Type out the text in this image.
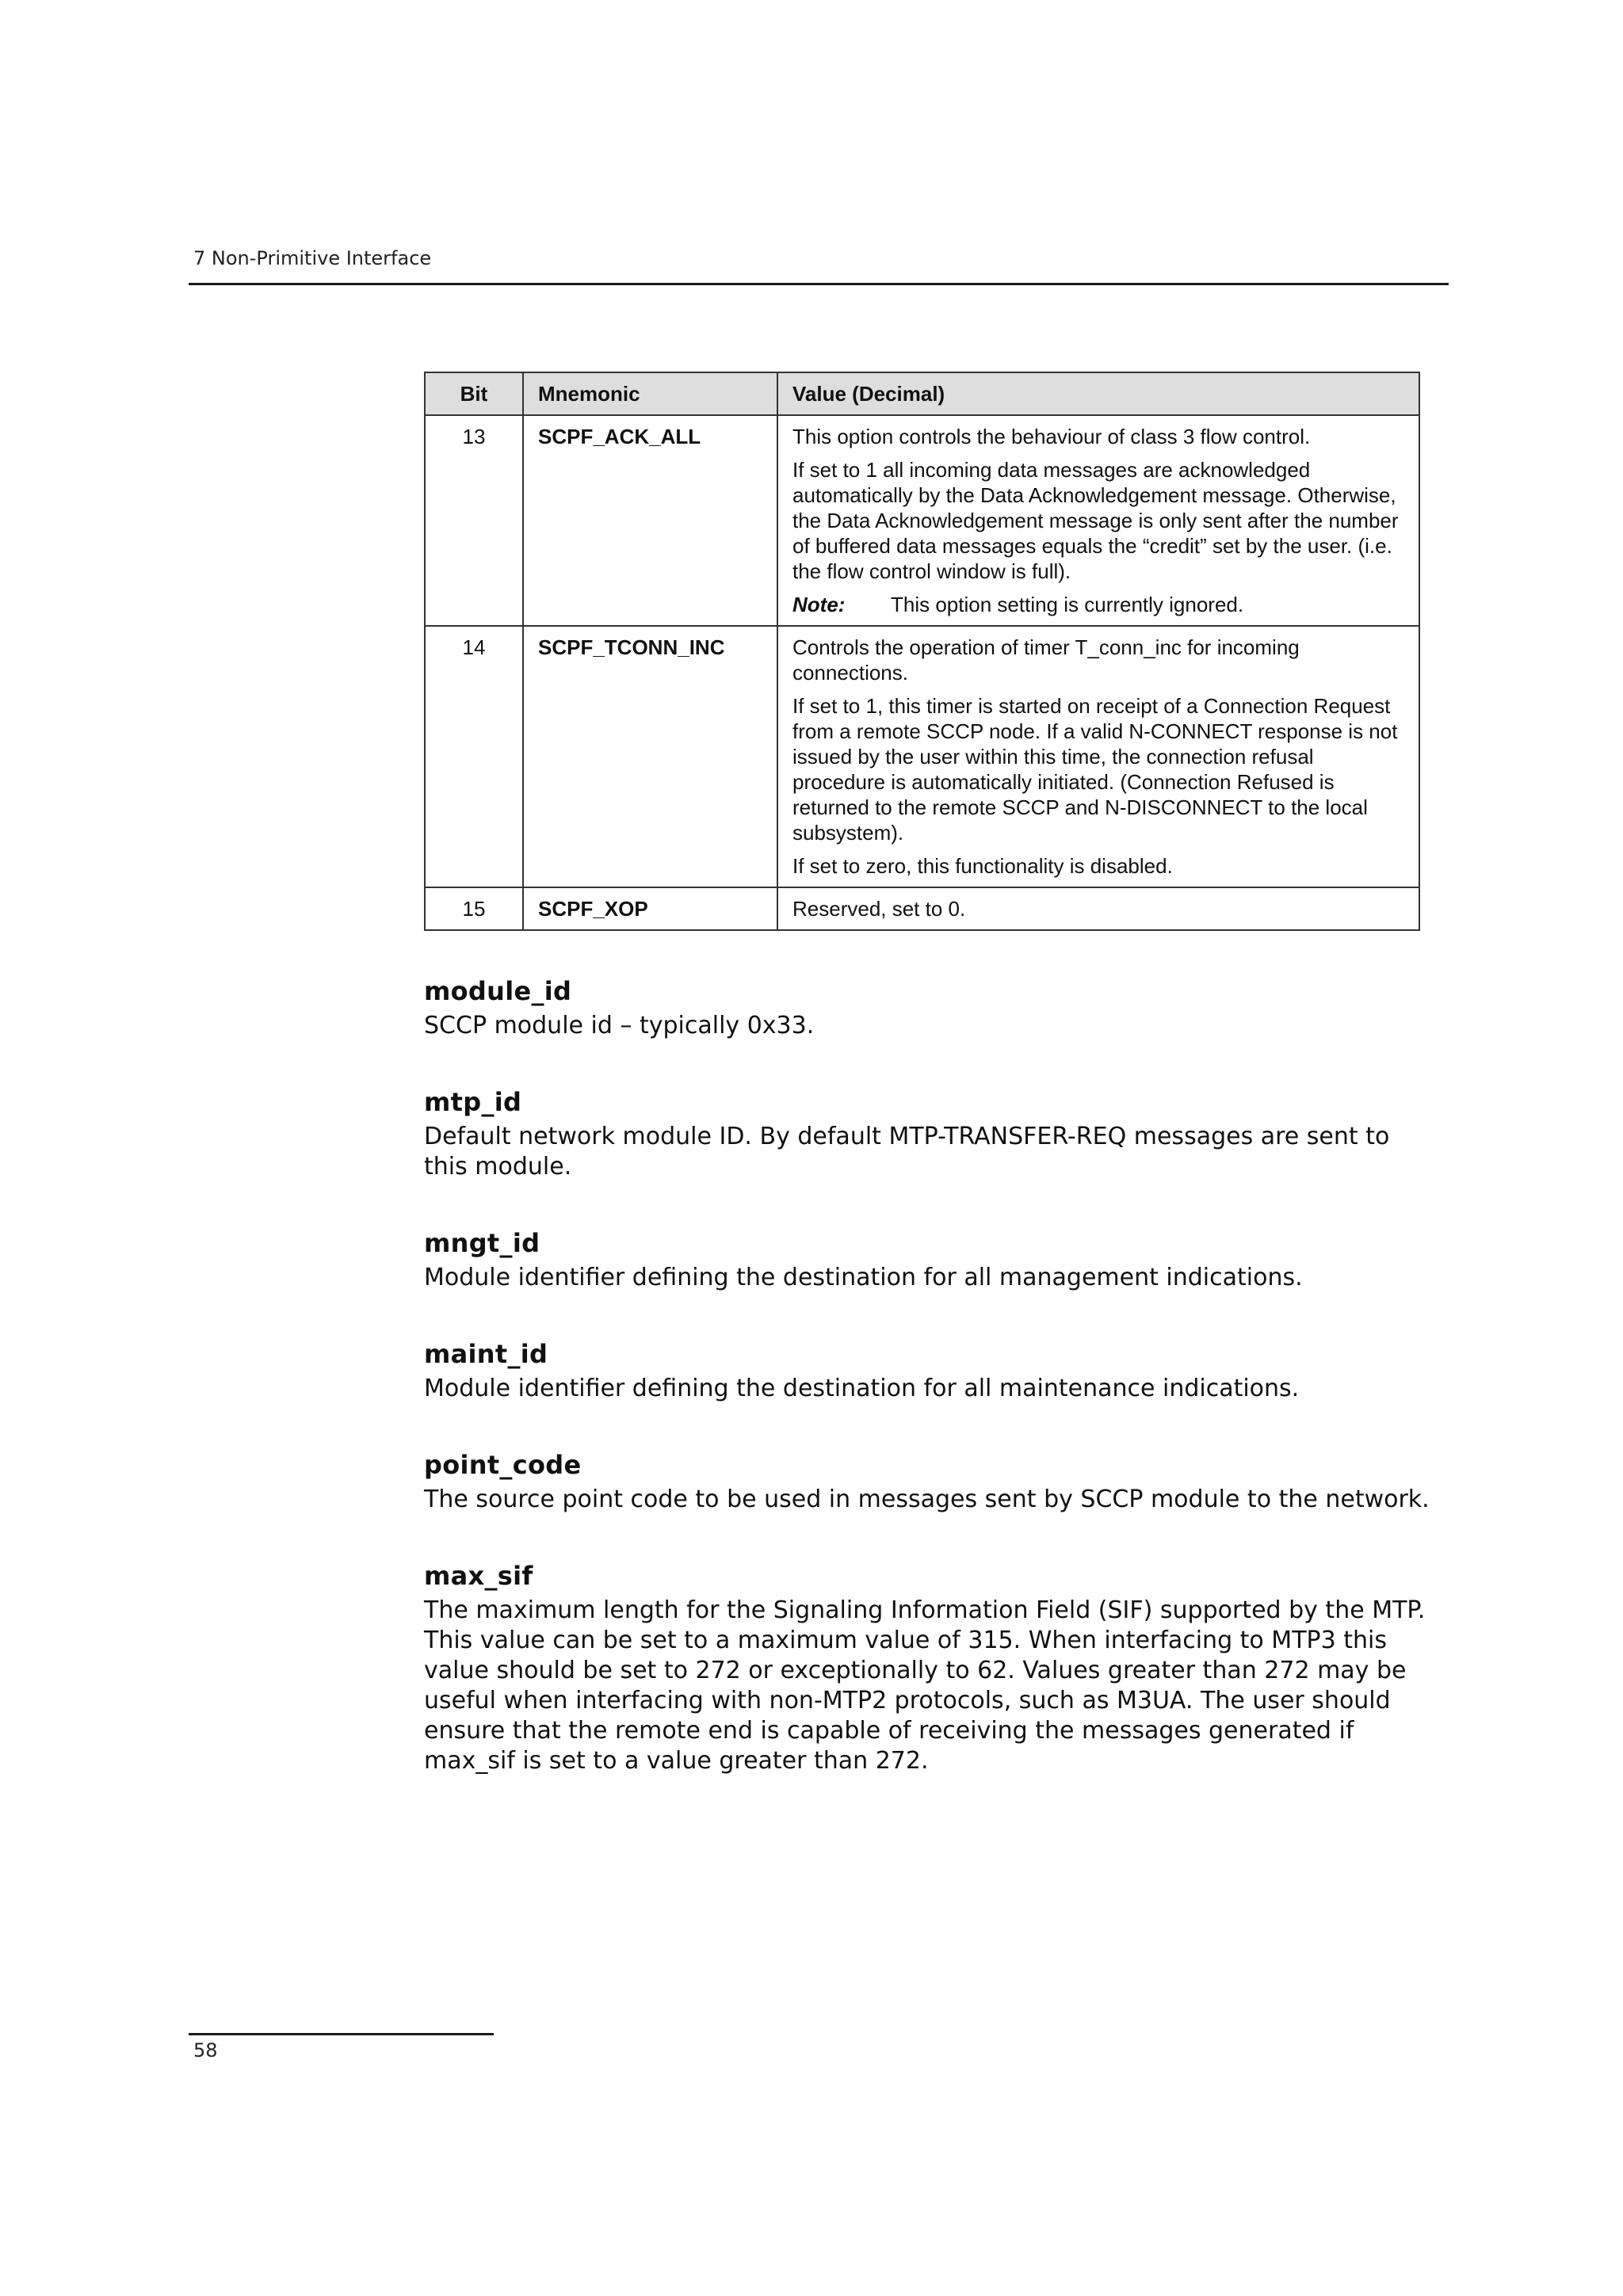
7 Non-Primitive Interface
Bit	Mnemonic	Value (Decimal)
13	SCPF_ACK_ALL	This option controls the behaviour of class 3 flow control.

If set to 1 all incoming data messages are acknowledged automatically by the Data Acknowledgement message. Otherwise, the Data Acknowledgement message is only sent after the number of buffered data messages equals the “credit” set by the user. (i.e. the flow control window is full).

Note: This option setting is currently ignored.

14	SCPF_TCONN_INC	Controls the operation of timer T_conn_inc for incoming connections.

If set to 1, this timer is started on receipt of a Connection Request from a remote SCCP node. If a valid N-CONNECT response is not issued by the user within this time, the connection refusal procedure is automatically initiated. (Connection Refused is returned to the remote SCCP and N-DISCONNECT to the local subsystem).

If set to zero, this functionality is disabled.

15	SCPF_XOP	Reserved, set to 0.

module_id

SCCP module id – typically 0x33.

mtp_id

Default network module ID. By default MTP-TRANSFER-REQ messages are sent to this module.

mngt_id

Module identifier defining the destination for all management indications.

maint_id

Module identifier defining the destination for all maintenance indications.

point_code

The source point code to be used in messages sent by SCCP module to the network.

max_sif

The maximum length for the Signaling Information Field (SIF) supported by the MTP. This value can be set to a maximum value of 315. When interfacing to MTP3 this value should be set to 272 or exceptionally to 62. Values greater than 272 may be useful when interfacing with non-MTP2 protocols, such as M3UA. The user should ensure that the remote end is capable of receiving the messages generated if max_sif is set to a value greater than 272.

58
